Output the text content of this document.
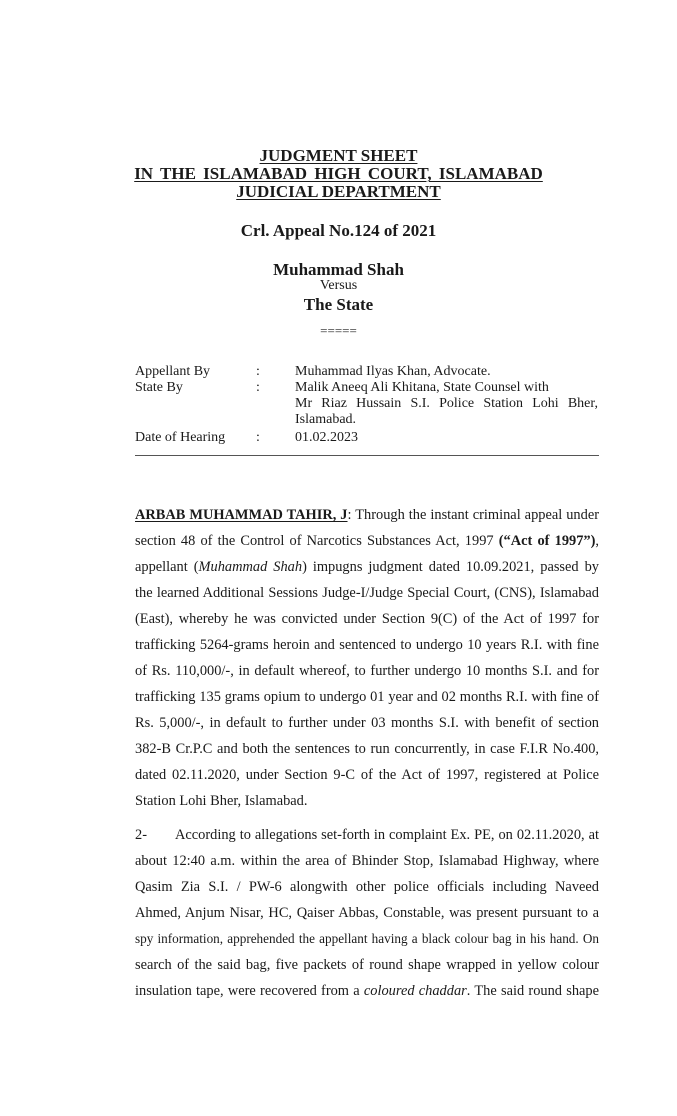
JUDGMENT SHEET
IN THE ISLAMABAD HIGH COURT, ISLAMABAD
JUDICIAL DEPARTMENT
Crl. Appeal No.124 of 2021
Muhammad Shah
Versus
The State
=====
Appellant By	:	Muhammad Ilyas Khan, Advocate.
State By	:	Malik Aneeq Ali Khitana, State Counsel with
Mr Riaz Hussain S.I. Police Station Lohi Bher,
Islamabad.
Date of Hearing :	01.02.2023
ARBAB MUHAMMAD TAHIR, J: Through the instant criminal appeal under
section 48 of the Control of Narcotics Substances Act, 1997 (“Act of 1997”),
appellant (Muhammad Shah) impugns judgment dated 10.09.2021, passed by
the learned Additional Sessions Judge-I/Judge Special Court, (CNS), Islamabad
(East), whereby he was convicted under Section 9(C) of the Act of 1997 for
trafficking 5264-grams heroin and sentenced to undergo 10 years R.I. with fine
of Rs. 110,000/-, in default whereof, to further undergo 10 months S.I. and for
trafficking 135 grams opium to undergo 01 year and 02 months R.I. with fine of
Rs. 5,000/-, in default to further under 03 months S.I. with benefit of section
382-B Cr.P.C and both the sentences to run concurrently, in case F.I.R No.400,
dated 02.11.2020, under Section 9-C of the Act of 1997, registered at Police
Station Lohi Bher, Islamabad.
2- According to allegations set-forth in complaint Ex. PE, on 02.11.2020, at
about 12:40 a.m. within the area of Bhinder Stop, Islamabad Highway, where
Qasim Zia S.I. / PW-6 alongwith other police officials including Naveed
Ahmed, Anjum Nisar, HC, Qaiser Abbas, Constable, was present pursuant to a
spy information, apprehended the appellant having a black colour bag in his hand. On
search of the said bag, five packets of round shape wrapped in yellow colour
insulation tape, were recovered from a coloured chaddar. The said round shape
